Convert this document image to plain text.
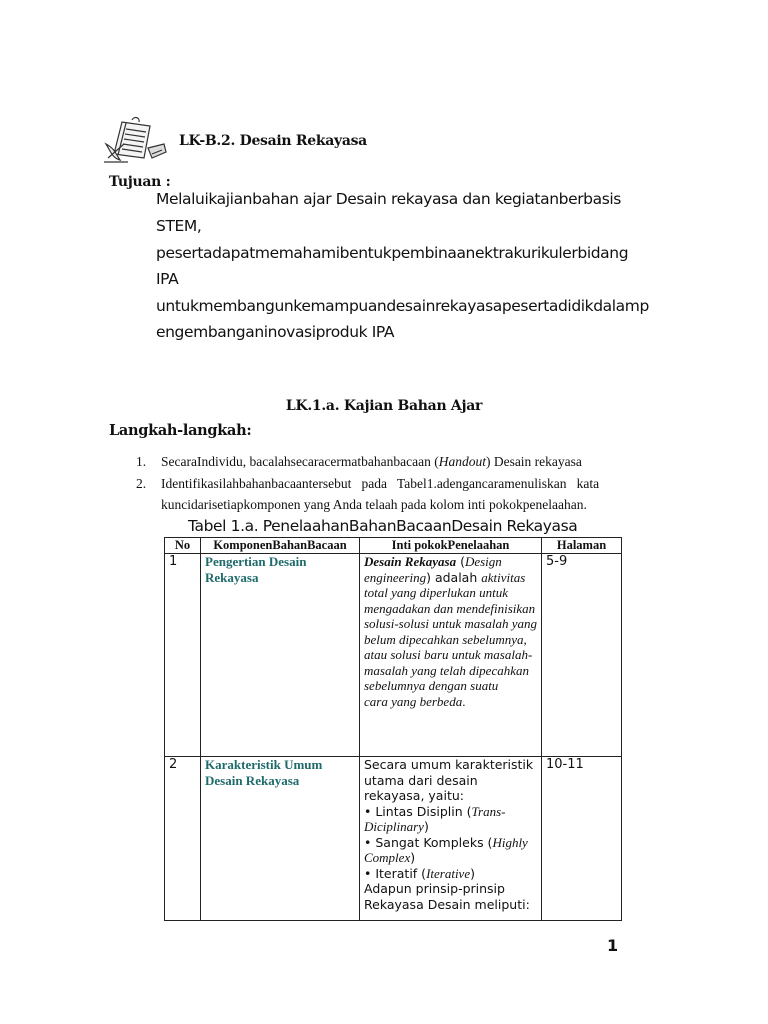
LK-B.2. Desain Rekayasa
Tujuan :
Melaluikajianbahan ajar Desain rekayasa dan kegiatanberbasis
STEM,
pesertadapatmemahamibentukpembinaanektrakurikulerbidang
IPA
untukmembangunkemampuandesainrekayasapesertadidikdalamp
engembanganinovasiproduk IPA
LK.1.a. Kajian Bahan Ajar
Langkah-langkah:
1. SecaraIndividu, bacalahsecaracermatbahanbacaan (Handout) Desain rekayasa
2. Identifikasilahbahanbacaantersebut   pada   Tabel1.adengancaramenuliskan   kata
kuncidarisetiapkomponen yang Anda telaah pada kolom inti pokokpenelaahan.
Tabel 1.a. PenelaahanBahanBacaanDesain Rekayasa
No	KomponenBahanBacaan	Inti pokokPenelaahan	Halaman
1	Pengertian Desain Rekayasa	Desain Rekayasa (Design engineering) adalah aktivitas total yang diperlukan untuk mengadakan dan mendefinisikan solusi-solusi untuk masalah yang belum dipecahkan sebelumnya, atau solusi baru untuk masalah-masalah yang telah dipecahkan sebelumnya dengan suatu
cara yang berbeda.	5-9
2	Karakteristik Umum Desain Rekayasa	Secara umum karakteristik utama dari desain rekayasa, yaitu:
• Lintas Disiplin (Trans-Diciplinary)
• Sangat Kompleks (Highly Complex)
• Iteratif (Iterative)
Adapun prinsip-prinsip Rekayasa Desain meliputi:	10-11
1
